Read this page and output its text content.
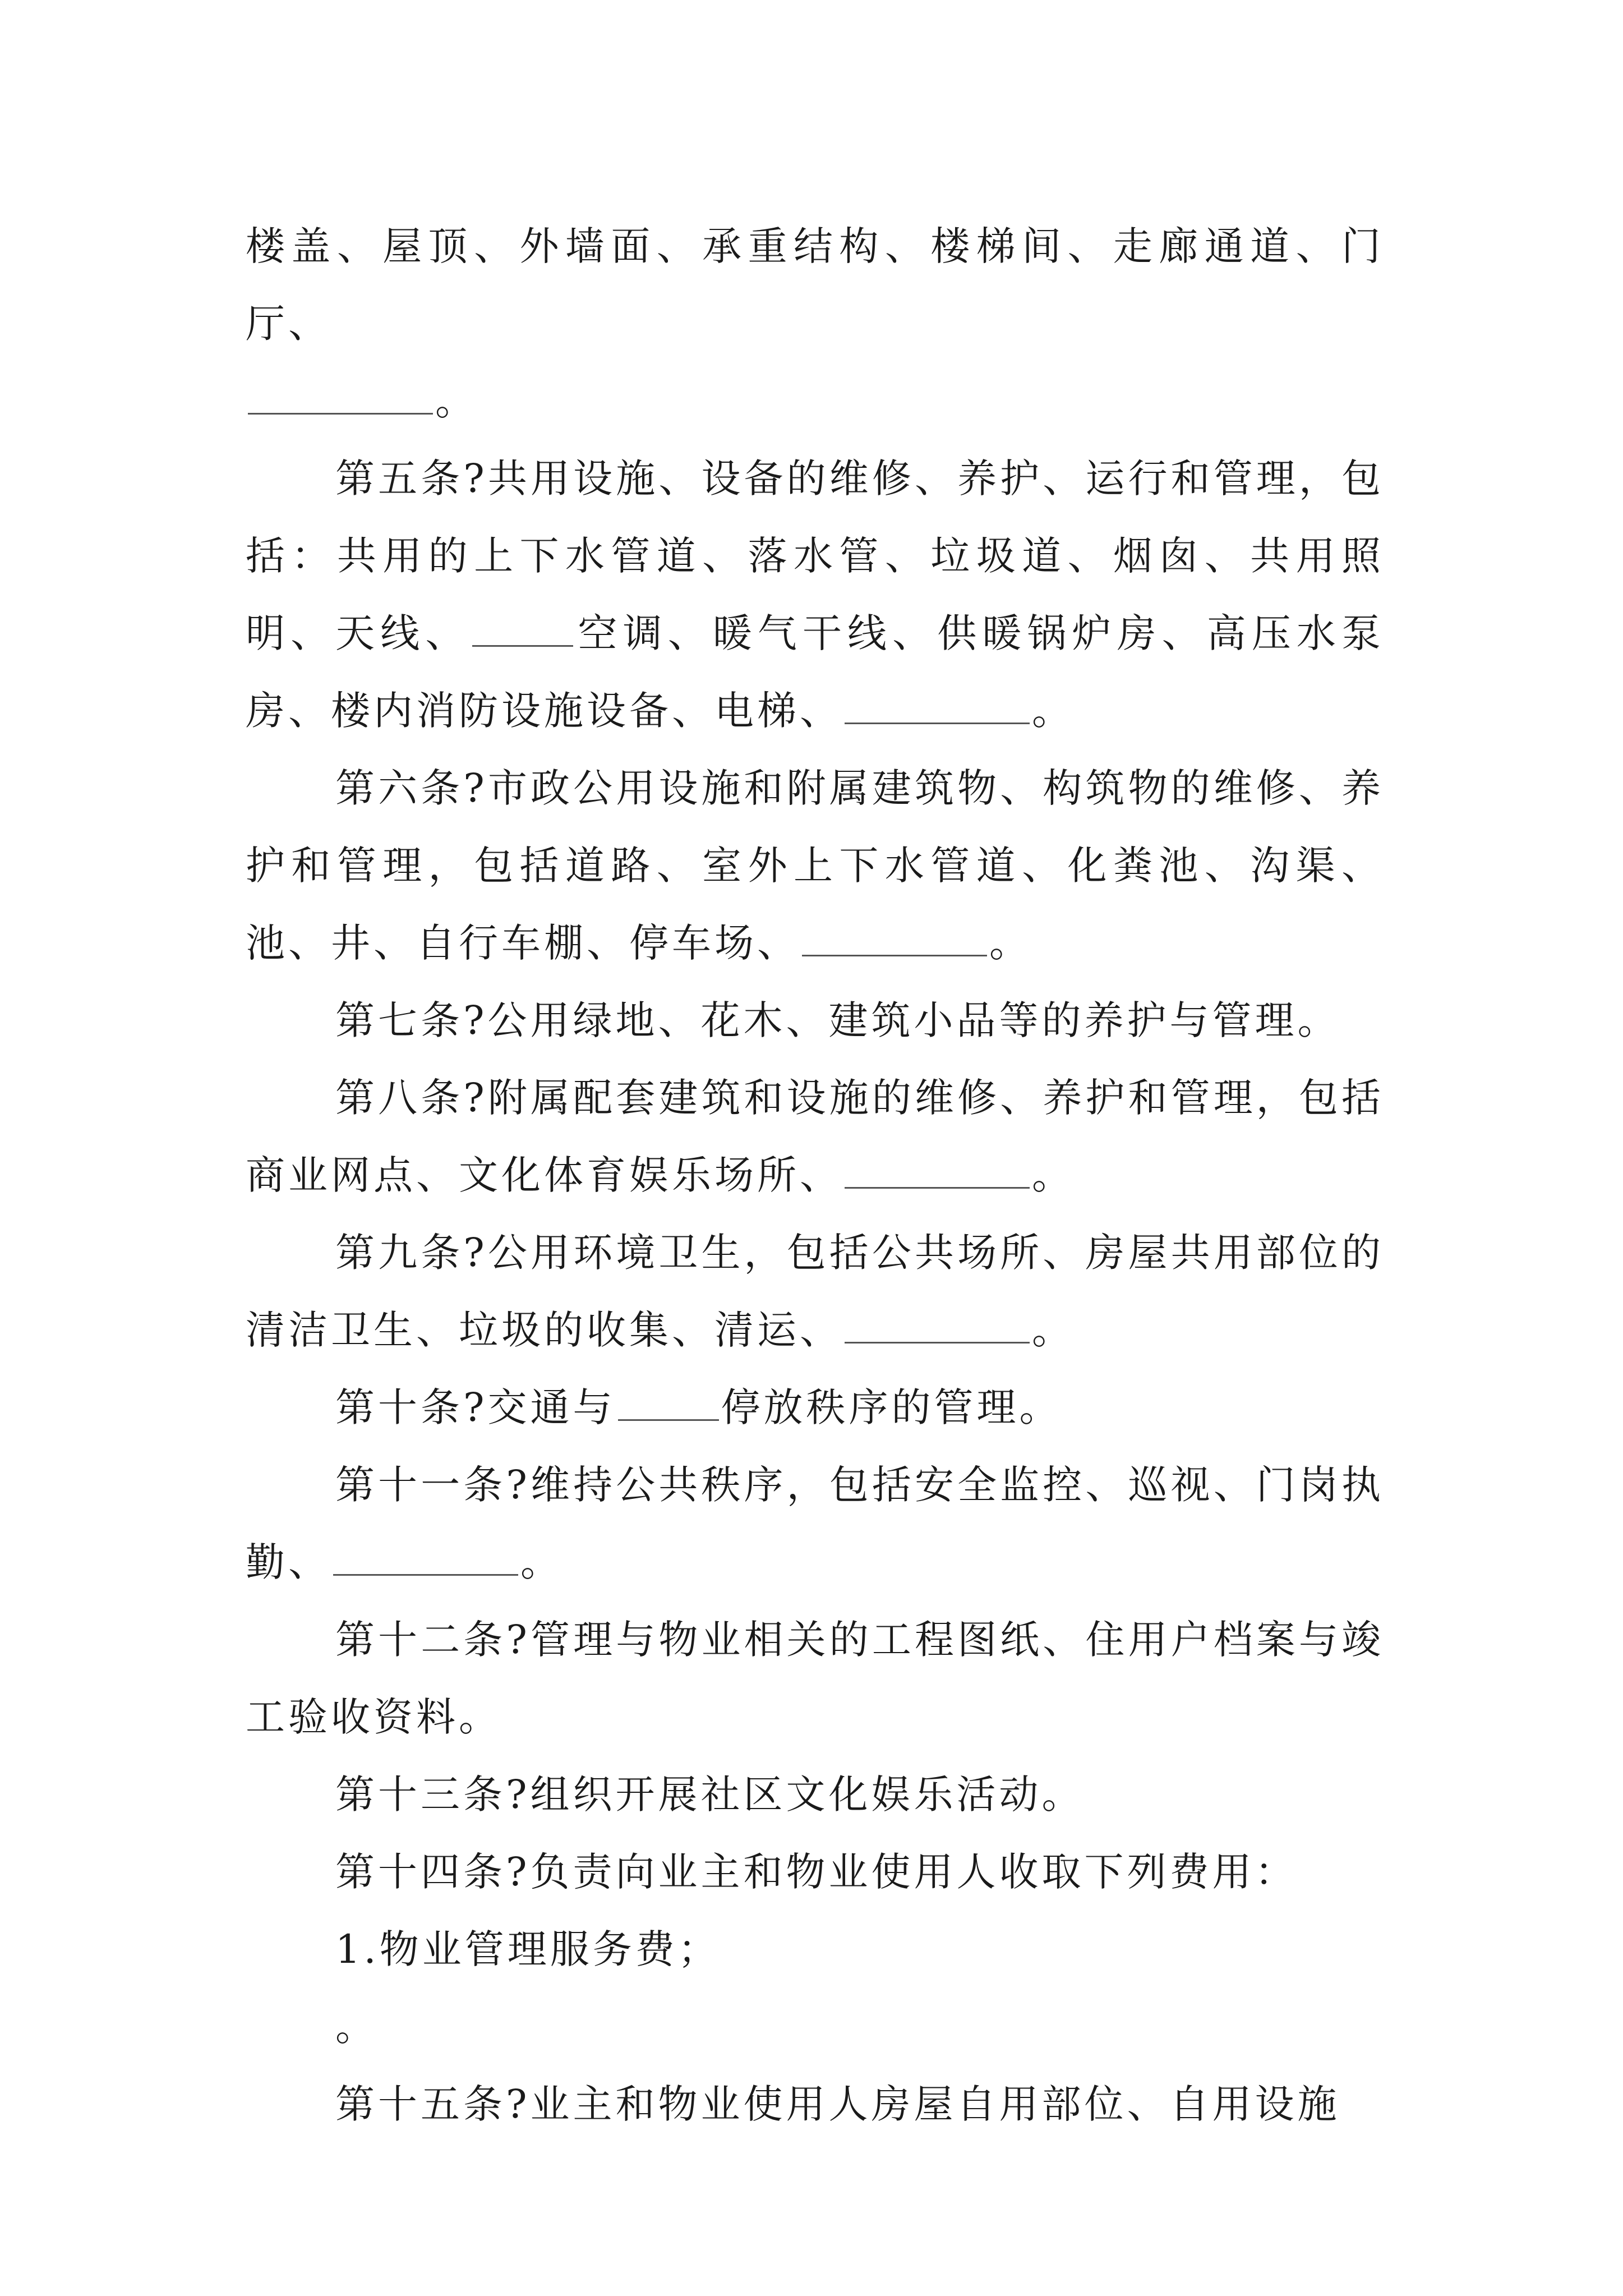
楼盖、屋顶、外墙面、承重结构、楼梯间、走廊通道、门厅、
。

第五条?共用设施、设备的维修、养护、运行和管理，包括：共用的上下水管道、落水管、垃圾道、烟囱、共用照明、天线、	空调、暖气干线、供暖锅炉房、高压水泵房、楼内消防设施设备、电梯、	。

第六条?市政公用设施和附属建筑物、构筑物的维修、养护和管理，包括道路、室外上下水管道、化粪池、沟渠、池、井、自行车棚、停车场、	。

第七条?公用绿地、花木、建筑小品等的养护与管理。

第八条?附属配套建筑和设施的维修、养护和管理，包括商业网点、文化体育娱乐场所、	。

第九条?公用环境卫生，包括公共场所、房屋共用部位的清洁卫生、垃圾的收集、清运、	。

第十条?交通与	停放秩序的管理。

第十一条?维持公共秩序，包括安全监控、巡视、门岗执勤、	。

第十二条?管理与物业相关的工程图纸、住用户档案与竣工验收资料。

第十三条?组织开展社区文化娱乐活动。

第十四条?负责向业主和物业使用人收取下列费用：

1.物业管理服务费；

。

第十五条?业主和物业使用人房屋自用部位、自用设施
